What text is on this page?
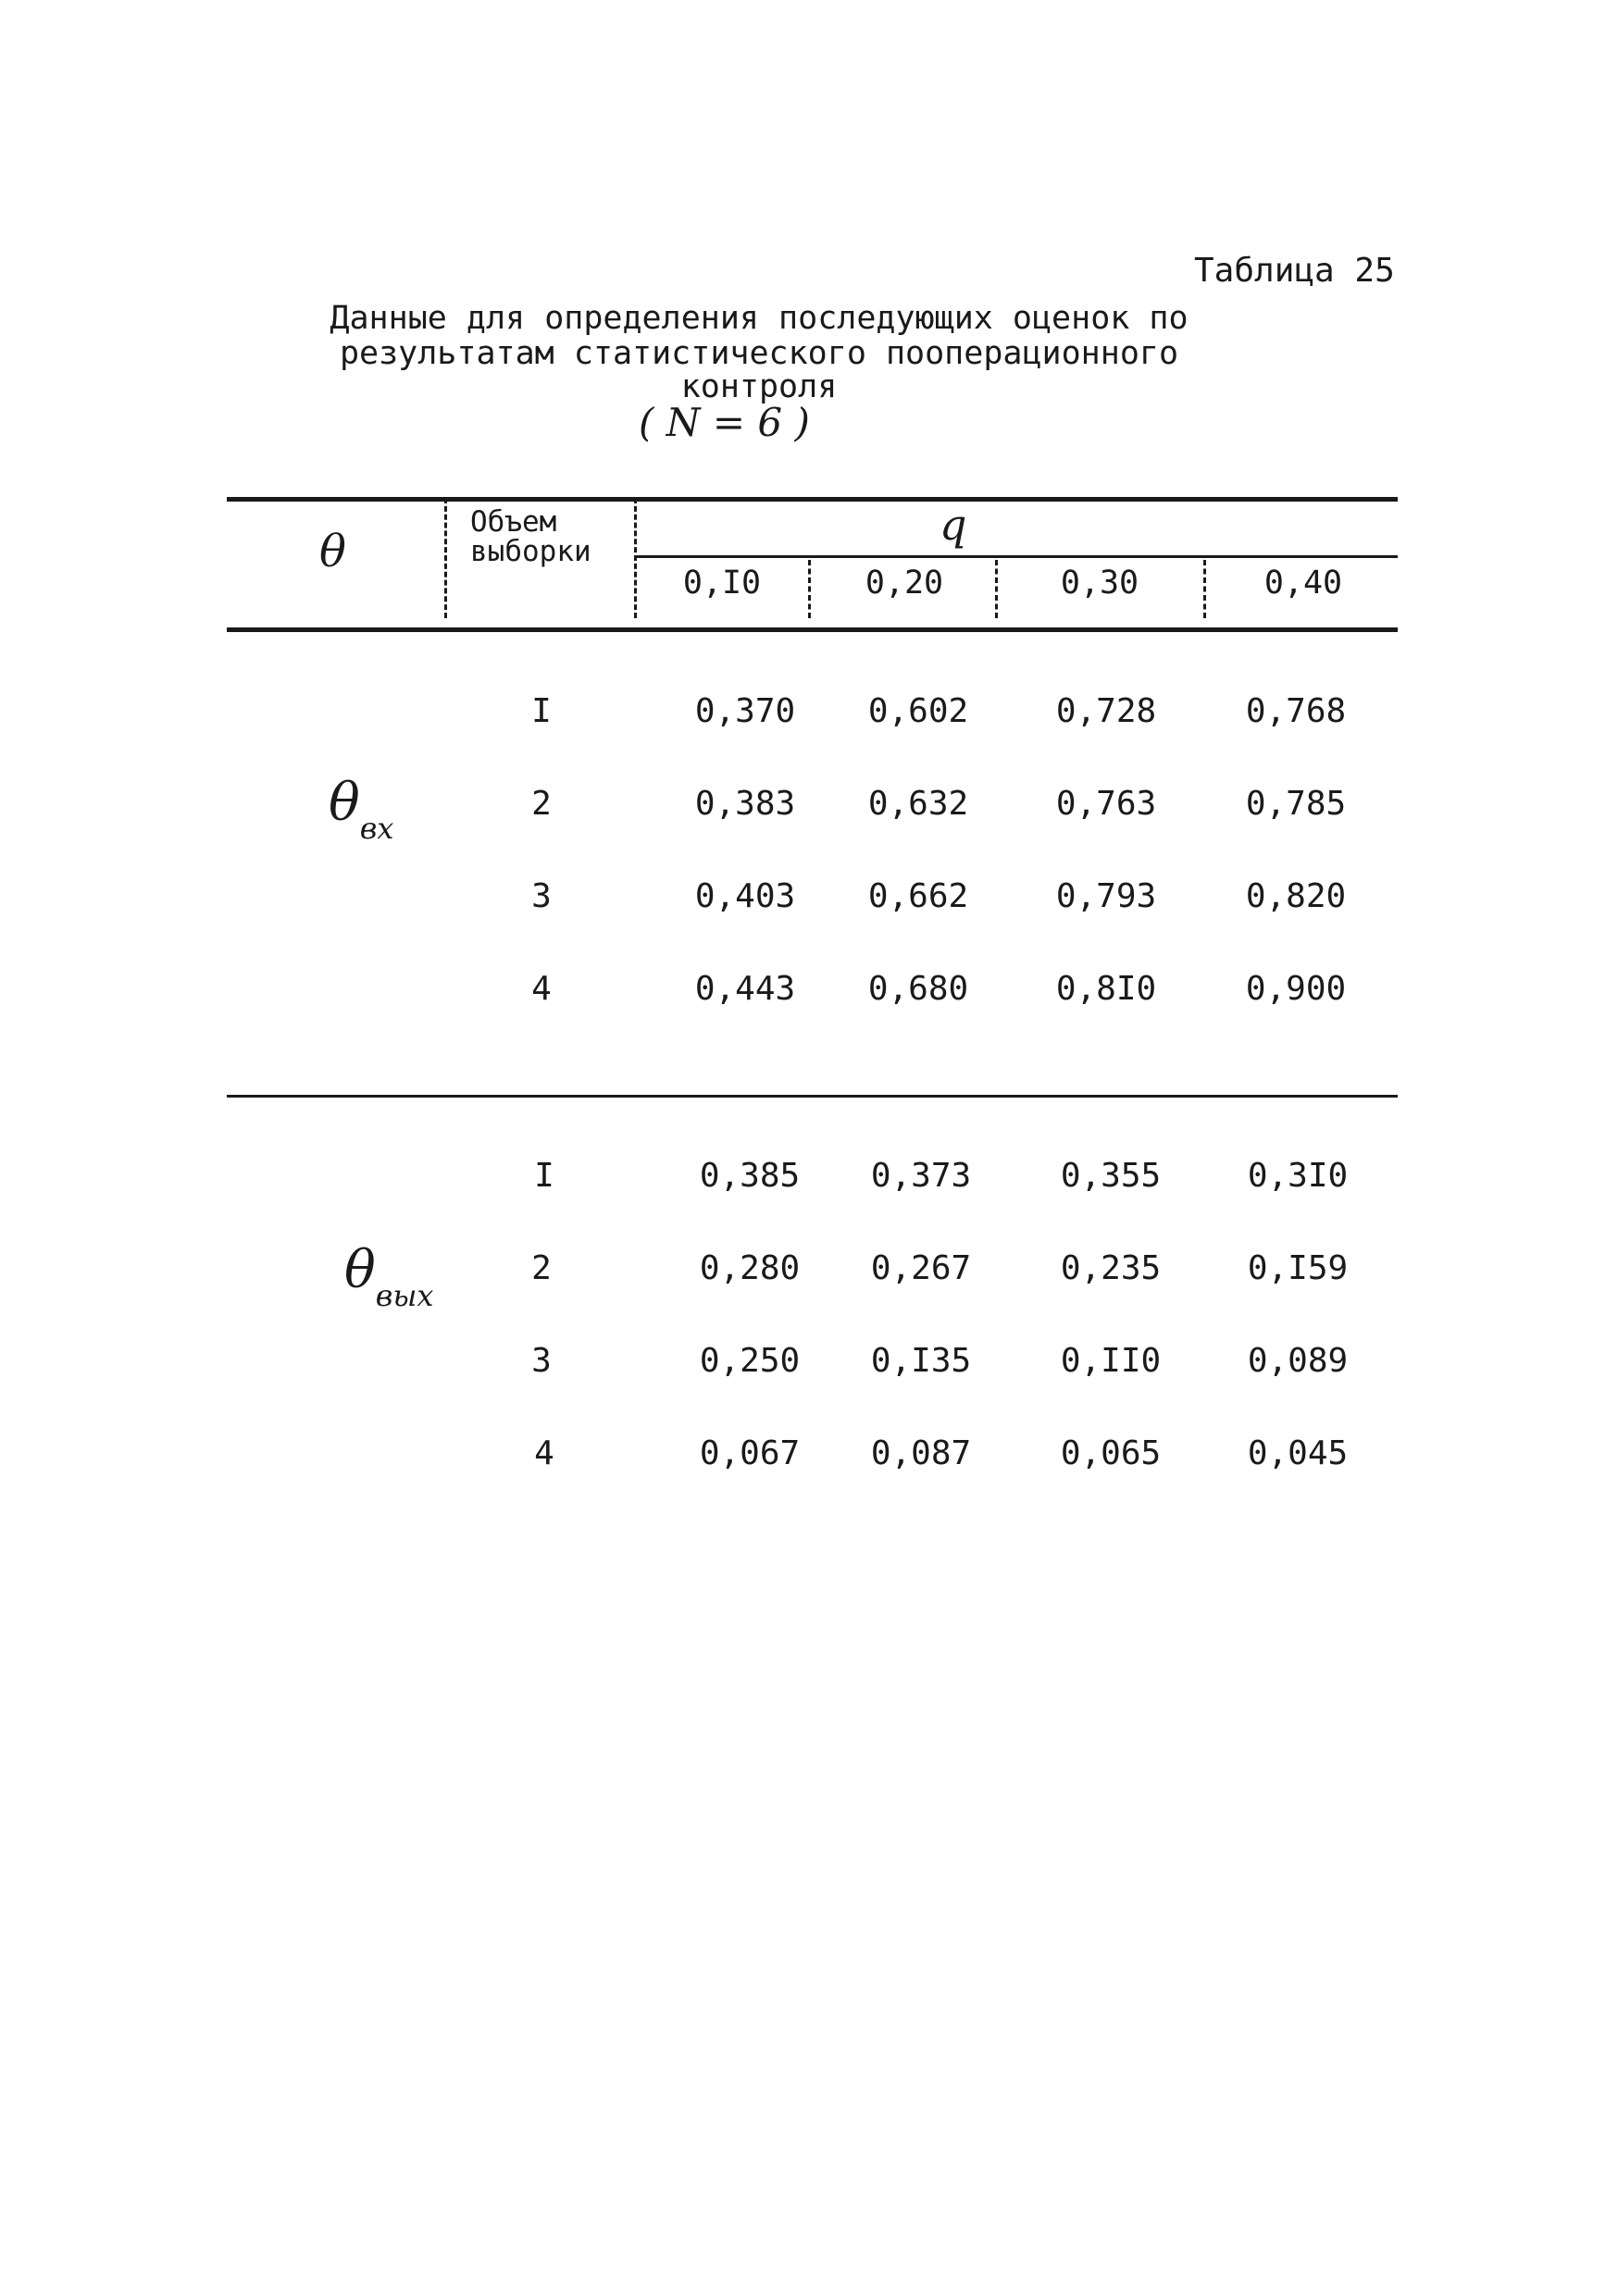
Таблица 25
Данные для определения последующих оценок по
результатам статистического пооперационного
контроля
( N = 6 )
θ
Объем выборки
q
0,I0	0,20	0,30	0,40
θвх
θвых
I	0,370	0,602	0,728	0,768
2	0,383	0,632	0,763	0,785
3	0,403	0,662	0,793	0,820
4	0,443	0,680	0,8I0	0,900
I	0,385	0,373	0,355	0,3I0
2	0,280	0,267	0,235	0,I59
3	0,250	0,I35	0,II0	0,089
4	0,067	0,087	0,065	0,045
